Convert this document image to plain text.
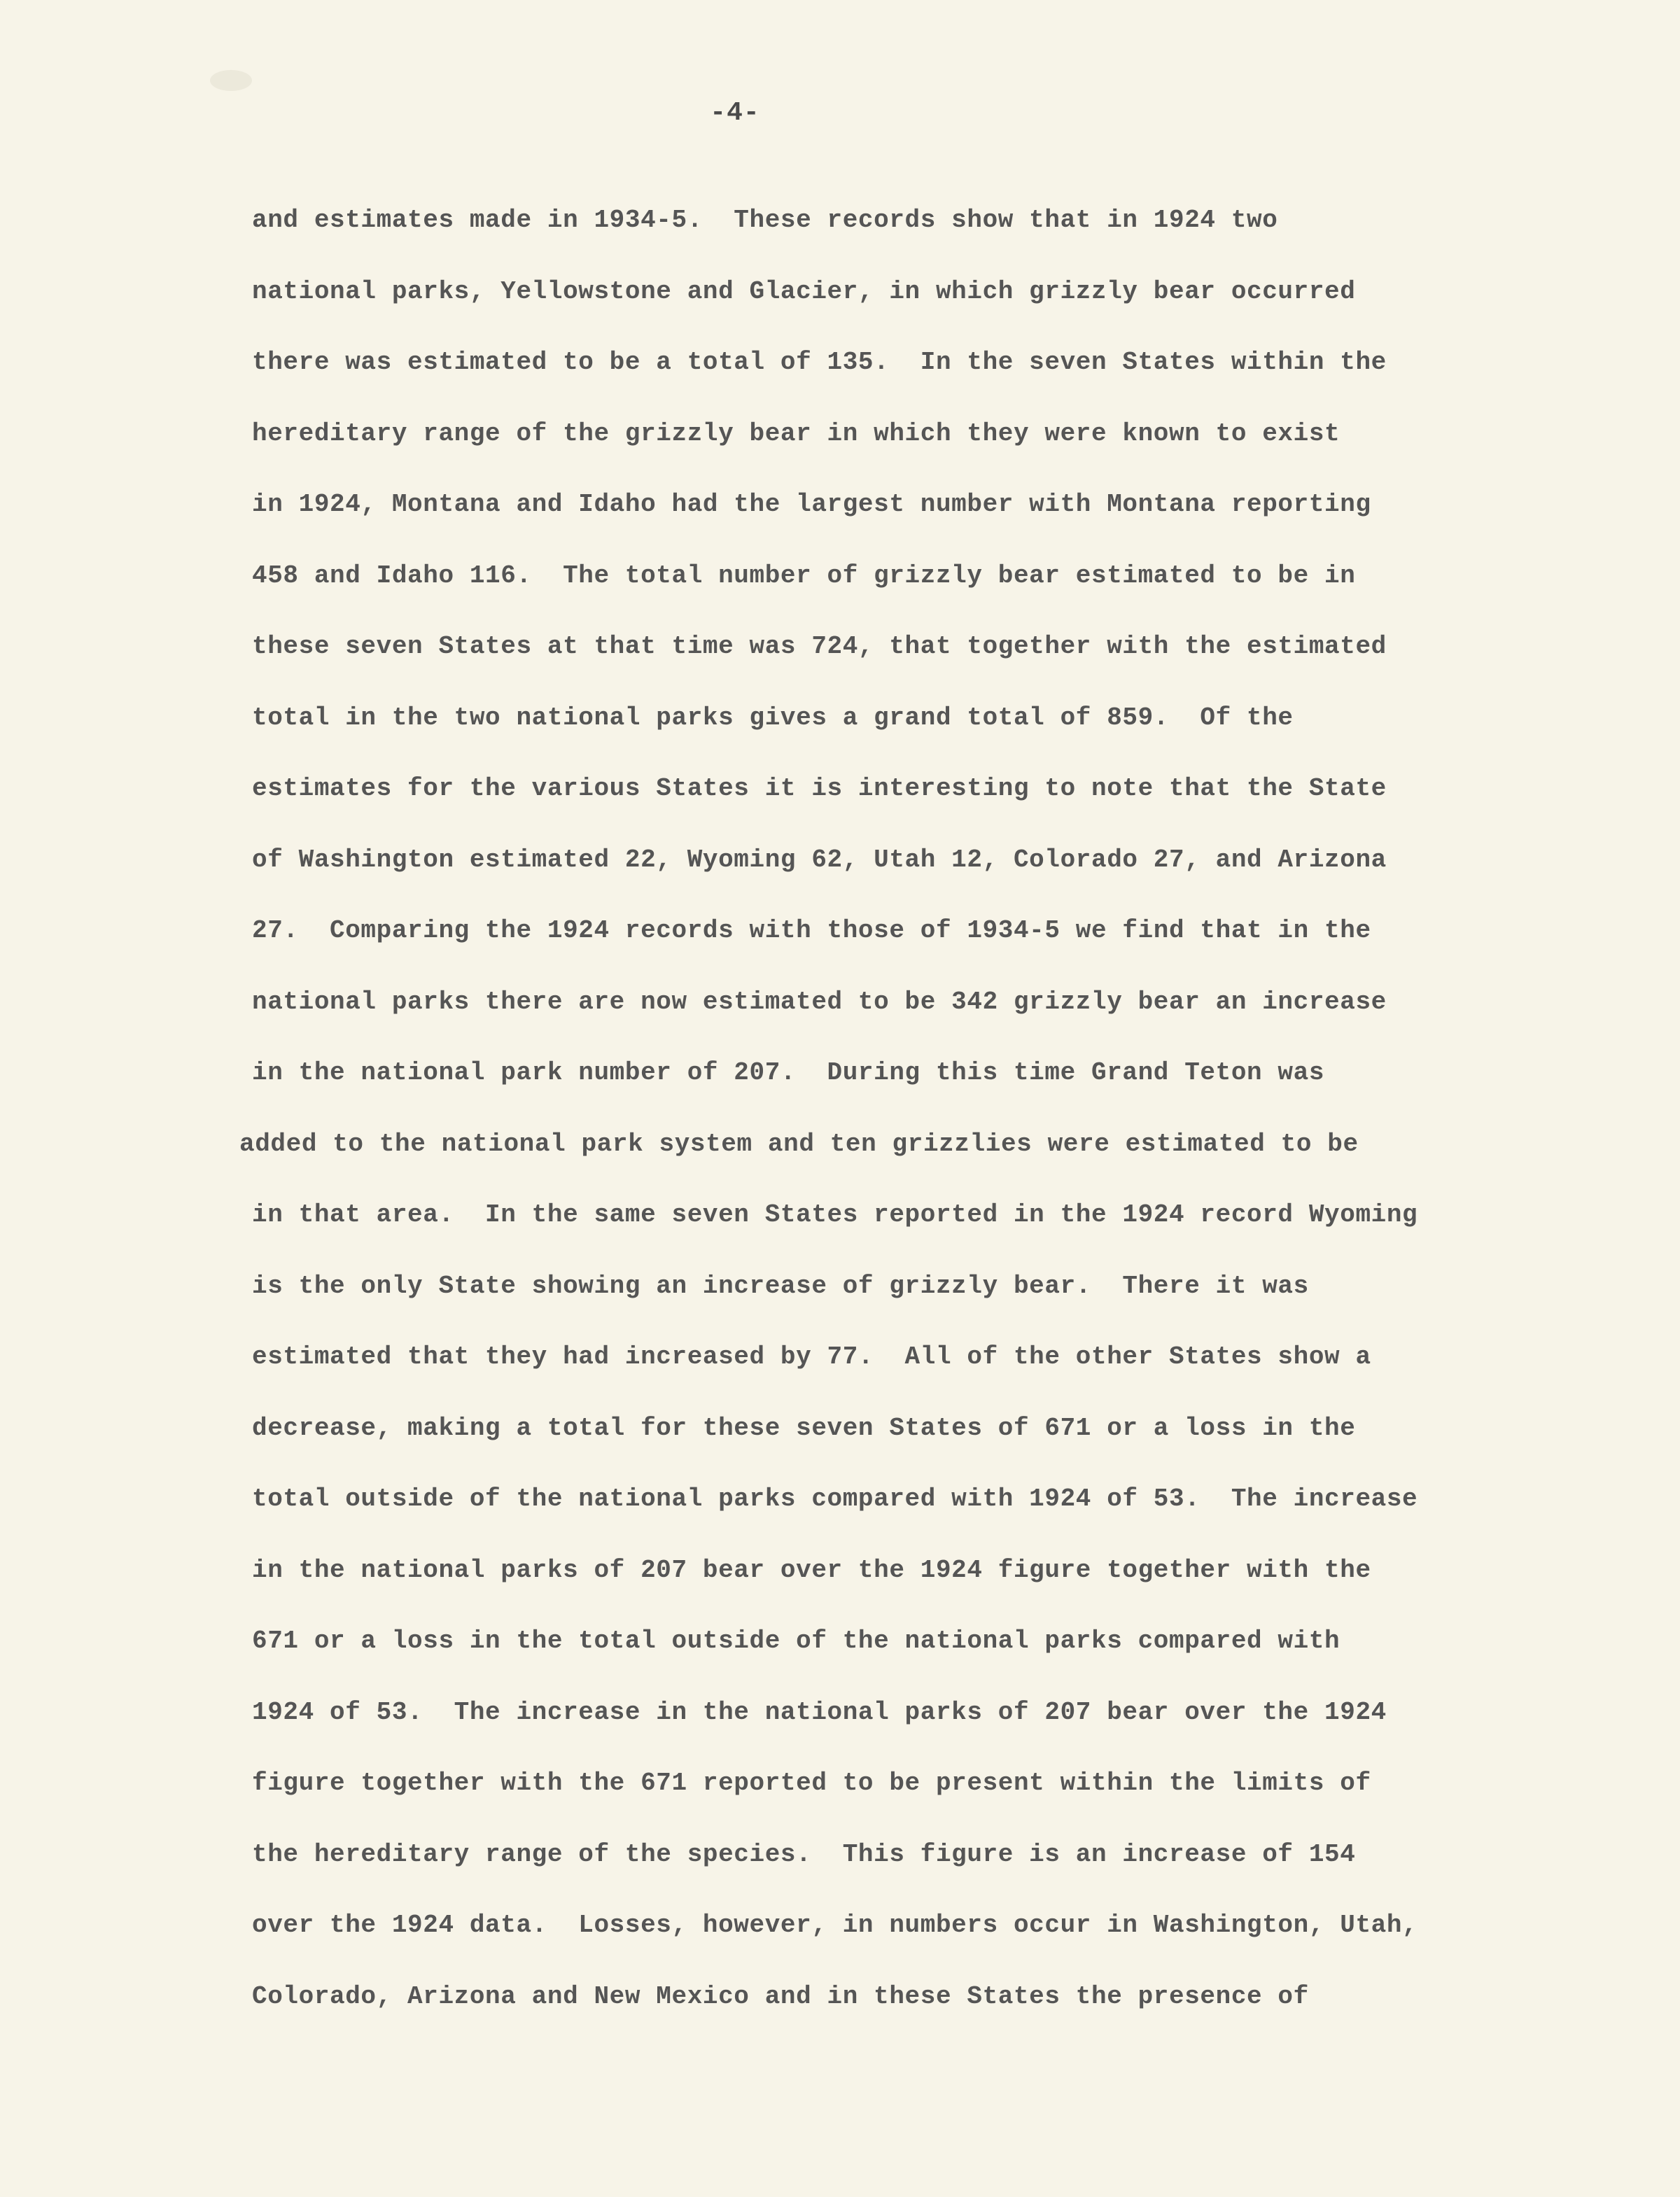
-4-
and estimates made in 1934-5.  These records show that in 1924 two
national parks, Yellowstone and Glacier, in which grizzly bear occurred
there was estimated to be a total of 135.  In the seven States within the
hereditary range of the grizzly bear in which they were known to exist
in 1924, Montana and Idaho had the largest number with Montana reporting
458 and Idaho 116.  The total number of grizzly bear estimated to be in
these seven States at that time was 724, that together with the estimated
total in the two national parks gives a grand total of 859.  Of the
estimates for the various States it is interesting to note that the State
of Washington estimated 22, Wyoming 62, Utah 12, Colorado 27, and Arizona
27.  Comparing the 1924 records with those of 1934-5 we find that in the
national parks there are now estimated to be 342 grizzly bear an increase
in the national park number of 207.  During this time Grand Teton was
added to the national park system and ten grizzlies were estimated to be
in that area.  In the same seven States reported in the 1924 record Wyoming
is the only State showing an increase of grizzly bear.  There it was
estimated that they had increased by 77.  All of the other States show a
decrease, making a total for these seven States of 671 or a loss in the
total outside of the national parks compared with 1924 of 53.  The increase
in the national parks of 207 bear over the 1924 figure together with the
671 or a loss in the total outside of the national parks compared with
1924 of 53.  The increase in the national parks of 207 bear over the 1924
figure together with the 671 reported to be present within the limits of
the hereditary range of the species.  This figure is an increase of 154
over the 1924 data.  Losses, however, in numbers occur in Washington, Utah,
Colorado, Arizona and New Mexico and in these States the presence of
